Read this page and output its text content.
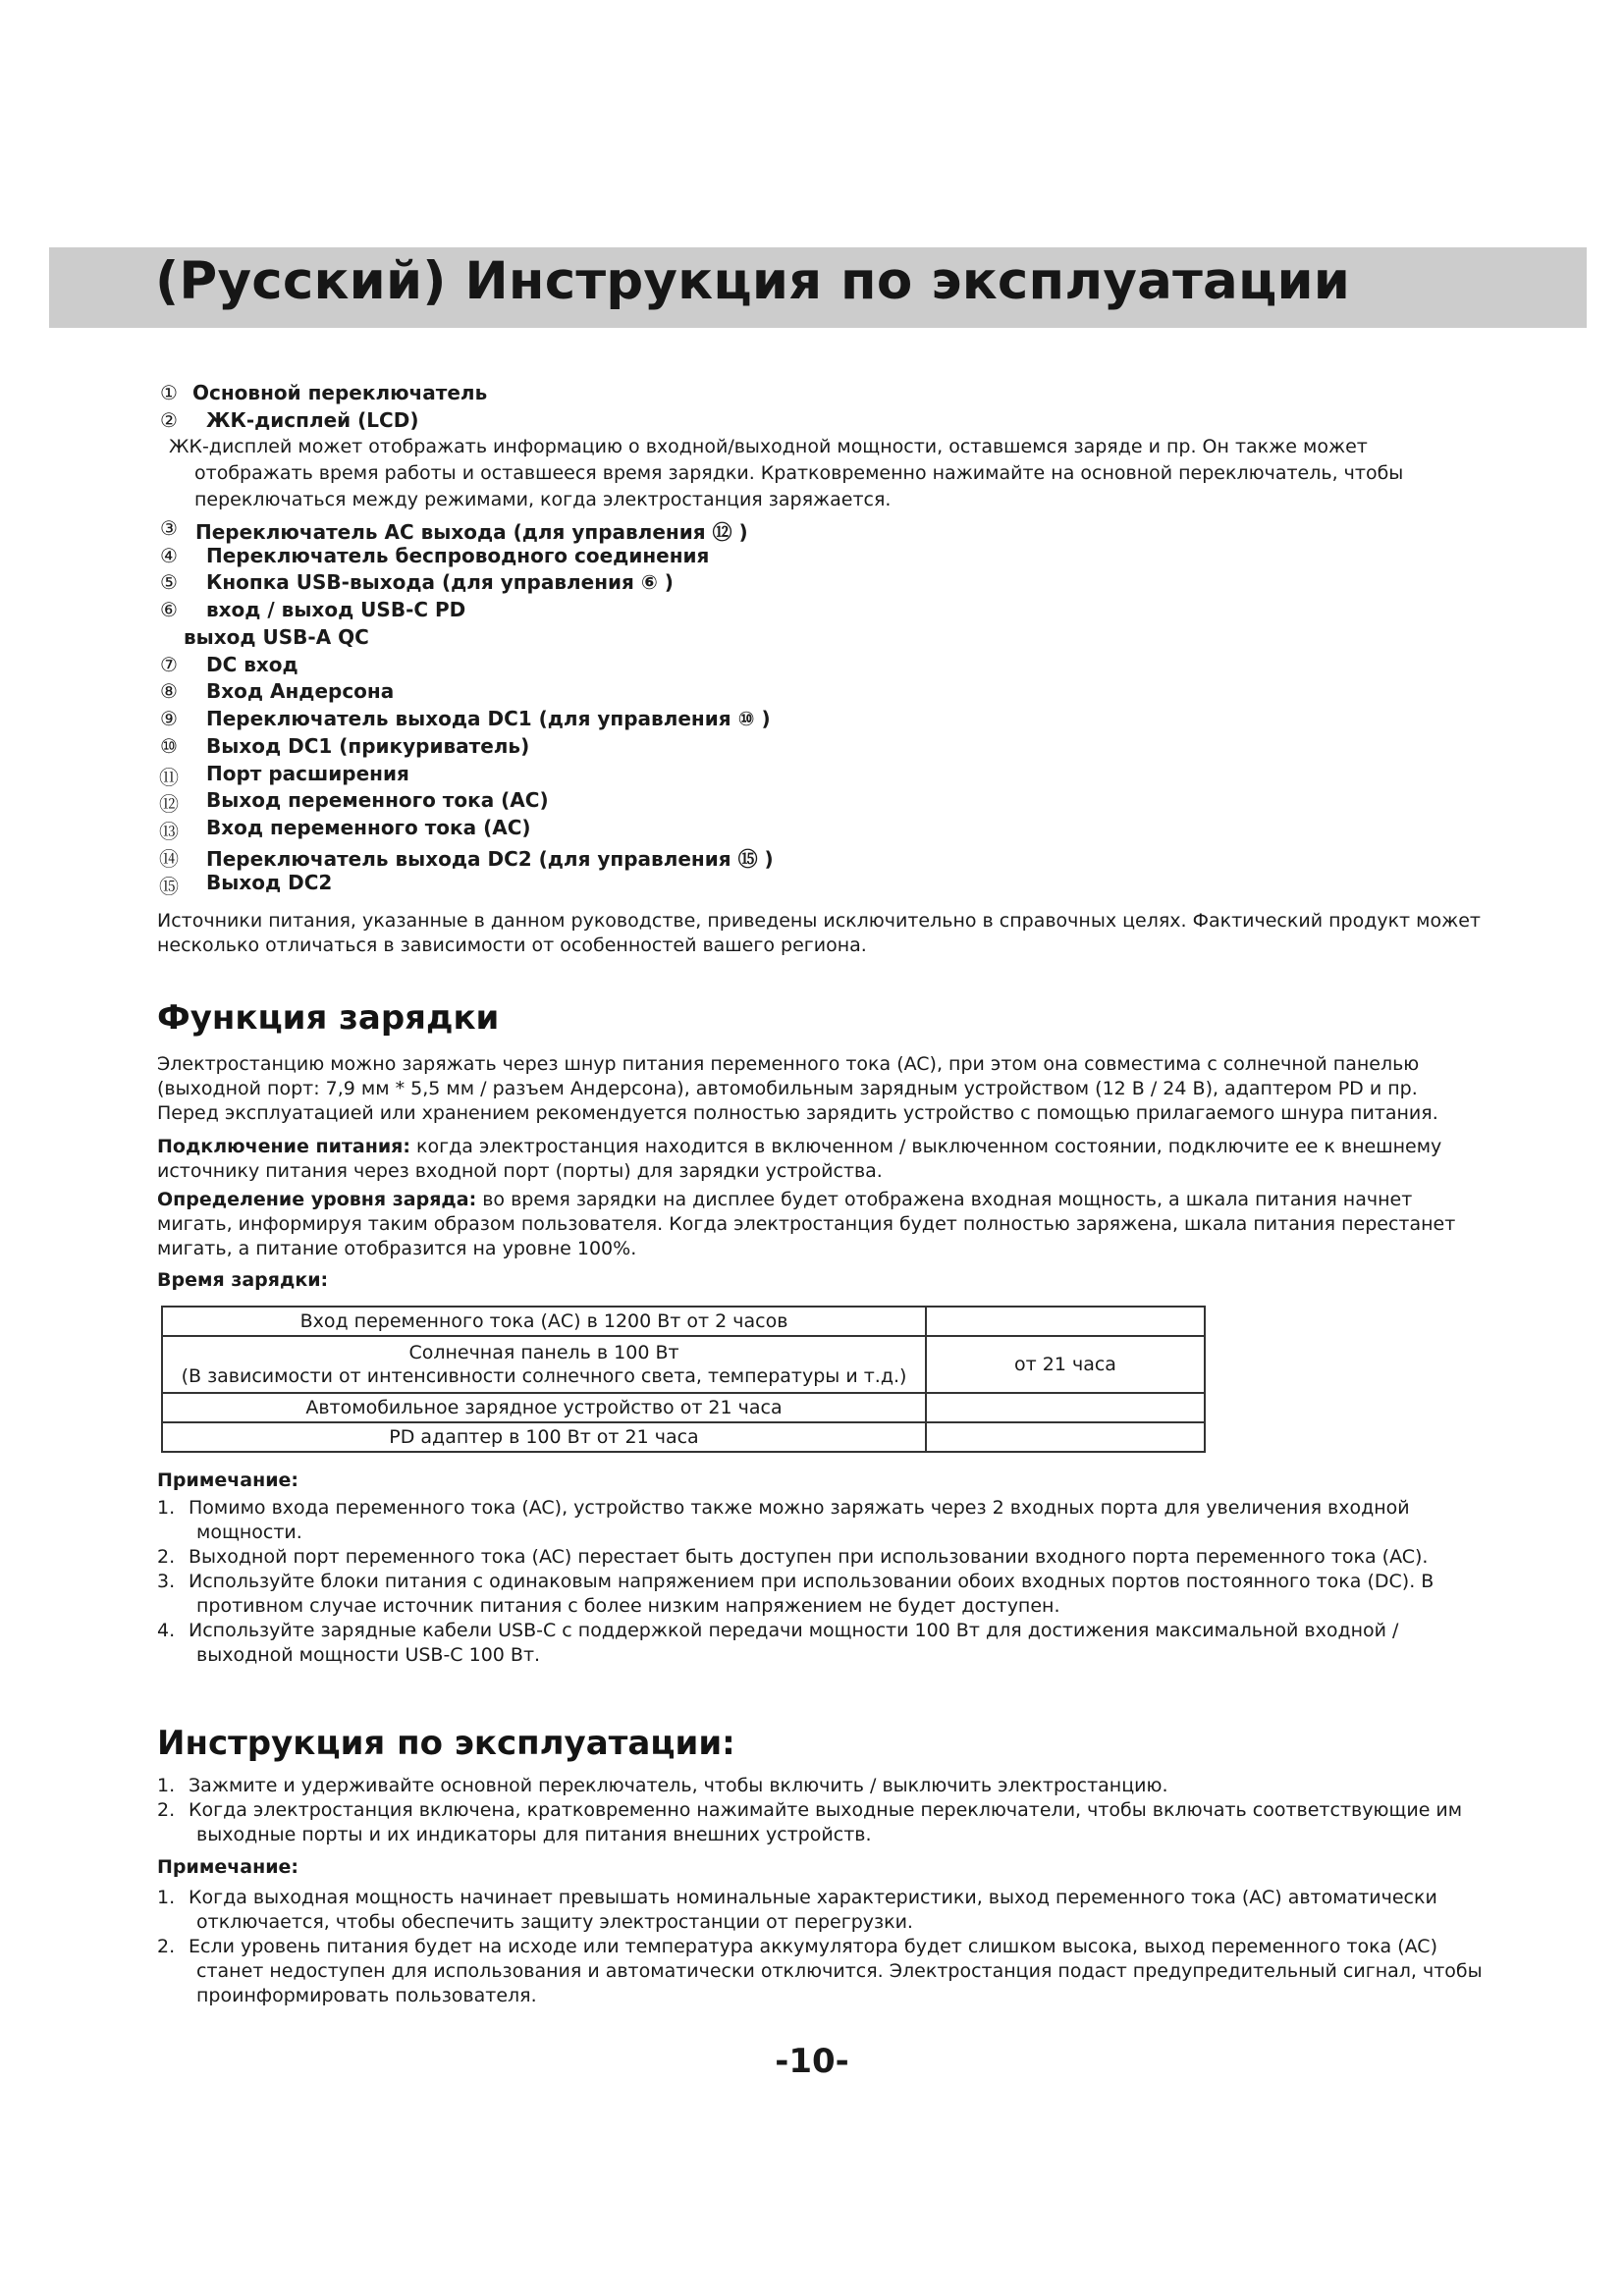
(Русский) Инструкция по эксплуатации
① Основной переключатель
② ЖК-дисплей (LCD)
ЖК-дисплей может отображать информацию о входной/выходной мощности, оставшемся заряде и пр. Он также может
отображать время работы и оставшееся время зарядки. Кратковременно нажимайте на основной переключатель, чтобы
переключаться между режимами, когда электростанция заряжается.
③ Переключатель АС выхода (для управления ⑫ )
④ Переключатель беспроводного соединения
⑤ Кнопка USB-выхода (для управления ⑥ )
⑥ вход / выход USB-C PD
выход USB-A QC
⑦ DC вход
⑧ Вход Андерсона
⑨ Переключатель выхода DC1 (для управления ⑩ )
⑩ Выход DC1 (прикуриватель)
⑪ Порт расширения
⑫ Выход переменного тока (AC)
⑬ Вход переменного тока (AC)
⑭ Переключатель выхода DC2 (для управления ⑮ )
⑮ Выход DC2
Источники питания, указанные в данном руководстве, приведены исключительно в справочных целях. Фактический продукт может
несколько отличаться в зависимости от особенностей вашего региона.
Функция зарядки
Электростанцию можно заряжать через шнур питания переменного тока (AC), при этом она совместима с солнечной панелью
(выходной порт: 7,9 мм * 5,5 мм / разъем Андерсона), автомобильным зарядным устройством (12 В / 24 В), адаптером PD и пр.
Перед эксплуатацией или хранением рекомендуется полностью зарядить устройство с помощью прилагаемого шнура питания.
Подключение питания: когда электростанция находится в включенном / выключенном состоянии, подключите ее к внешнему
источнику питания через входной порт (порты) для зарядки устройства.
Определение уровня заряда: во время зарядки на дисплее будет отображена входная мощность, а шкала питания начнет
мигать, информируя таким образом пользователя. Когда электростанция будет полностью заряжена, шкала питания перестанет
мигать, а питание отобразится на уровне 100%.
Время зарядки:
Вход переменного тока (АС) в 1200 Вт от 2 часов	

Солнечная панель в 100 Вт
(В зависимости от интенсивности солнечного света, температуры и т.д.)	от 21 часа
Автомобильное зарядное устройство от 21 часа	
PD адаптер в 100 Вт от 21 часа	
Примечание:
1. Помимо входа переменного тока (AC), устройство также можно заряжать через 2 входных порта для увеличения входной
мощности.
2. Выходной порт переменного тока (AC) перестает быть доступен при использовании входного порта переменного тока (AC).
3. Используйте блоки питания с одинаковым напряжением при использовании обоих входных портов постоянного тока (DC). В
противном случае источник питания с более низким напряжением не будет доступен.
4. Используйте зарядные кабели USB-C с поддержкой передачи мощности 100 Вт для достижения максимальной входной /
выходной мощности USB-C 100 Вт.
Инструкция по эксплуатации:
1. Зажмите и удерживайте основной переключатель, чтобы включить / выключить электростанцию.
2. Когда электростанция включена, кратковременно нажимайте выходные переключатели, чтобы включать соответствующие им
выходные порты и их индикаторы для питания внешних устройств.
Примечание:
1. Когда выходная мощность начинает превышать номинальные характеристики, выход переменного тока (AC) автоматически
отключается, чтобы обеспечить защиту электростанции от перегрузки.
2. Если уровень питания будет на исходе или температура аккумулятора будет слишком высока, выход переменного тока (AC)
станет недоступен для использования и автоматически отключится. Электростанция подаст предупредительный сигнал, чтобы
проинформировать пользователя.
-10-
